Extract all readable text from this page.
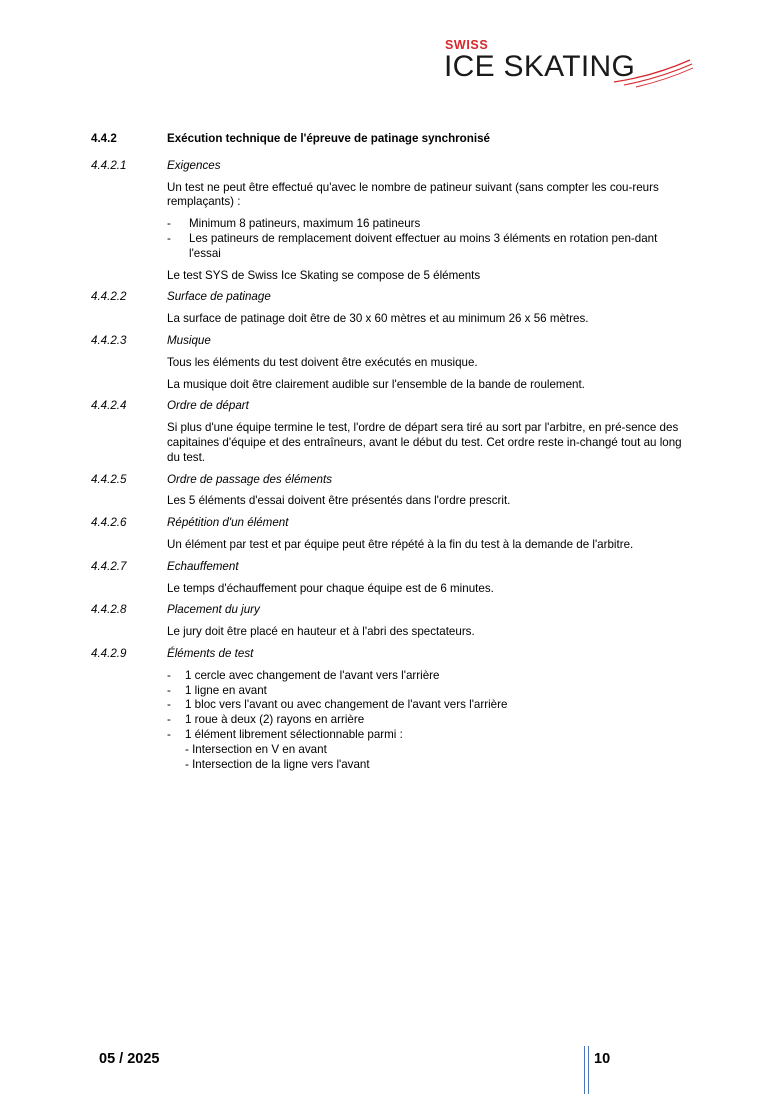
SWISS
ICE SKATING
4.4.2	Exécution technique de l'épreuve de patinage synchronisé
4.4.2.1	Exigences
Un test ne peut être effectué qu'avec le nombre de patineur suivant (sans compter les cou-reurs remplaçants) :
-	Minimum 8 patineurs, maximum 16 patineurs
-	Les patineurs de remplacement doivent effectuer au moins 3 éléments en rotation pen-dant l'essai
Le test SYS de Swiss Ice Skating se compose de 5 éléments
4.4.2.2	Surface de patinage
La surface de patinage doit être de 30 x 60 mètres et au minimum 26 x 56 mètres.
4.4.2.3	Musique
Tous les éléments du test doivent être exécutés en musique.
La musique doit être clairement audible sur l'ensemble de la bande de roulement.
4.4.2.4	Ordre de départ
Si plus d'une équipe termine le test, l'ordre de départ sera tiré au sort par l'arbitre, en pré-sence des capitaines d'équipe et des entraîneurs, avant le début du test. Cet ordre reste in-changé tout au long du test.
4.4.2.5	Ordre de passage des éléments
Les 5 éléments d'essai doivent être présentés dans l'ordre prescrit.
4.4.2.6	Répétition d'un élément
Un élément par test et par équipe peut être répété à la fin du test à la demande de l'arbitre.
4.4.2.7	Echauffement
Le temps d'échauffement pour chaque équipe est de 6 minutes.
4.4.2.8	Placement du jury
Le jury doit être placé en hauteur et à l'abri des spectateurs.
4.4.2.9	Éléments de test
-	1 cercle avec changement de l'avant vers l'arrière
-	1 ligne en avant
-	1 bloc vers l'avant ou avec changement de l'avant vers l'arrière
-	1 roue à deux (2) rayons en arrière
-	1 élément librement sélectionnable parmi :
- Intersection en V en avant
- Intersection de la ligne vers l'avant
05 / 2025	10
